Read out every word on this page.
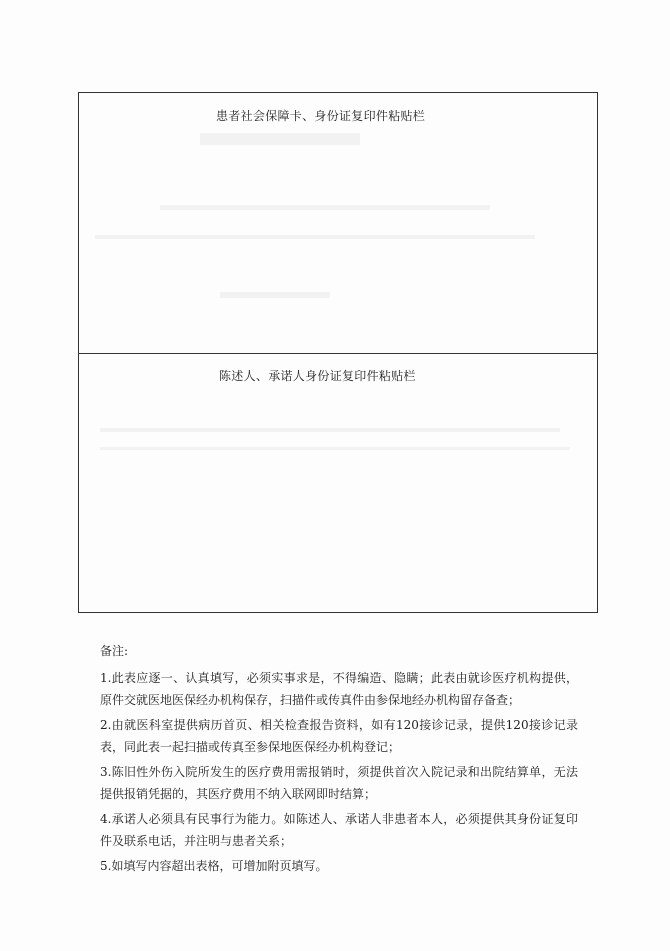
患者社会保障卡、身份证复印件粘贴栏
陈述人、承诺人身份证复印件粘贴栏

备注:

1.此表应逐一、认真填写，必须实事求是，不得编造、隐瞒；此表由就诊医疗机构提供，原件交就医地医保经办机构保存，扫描件或传真件由参保地经办机构留存备查；

2.由就医科室提供病历首页、相关检查报告资料，如有120接诊记录，提供120接诊记录表，同此表一起扫描或传真至参保地医保经办机构登记；

3.陈旧性外伤入院所发生的医疗费用需报销时，须提供首次入院记录和出院结算单，无法提供报销凭据的，其医疗费用不纳入联网即时结算；

4.承诺人必须具有民事行为能力。如陈述人、承诺人非患者本人，必须提供其身份证复印件及联系电话，并注明与患者关系；

5.如填写内容超出表格，可增加附页填写。
